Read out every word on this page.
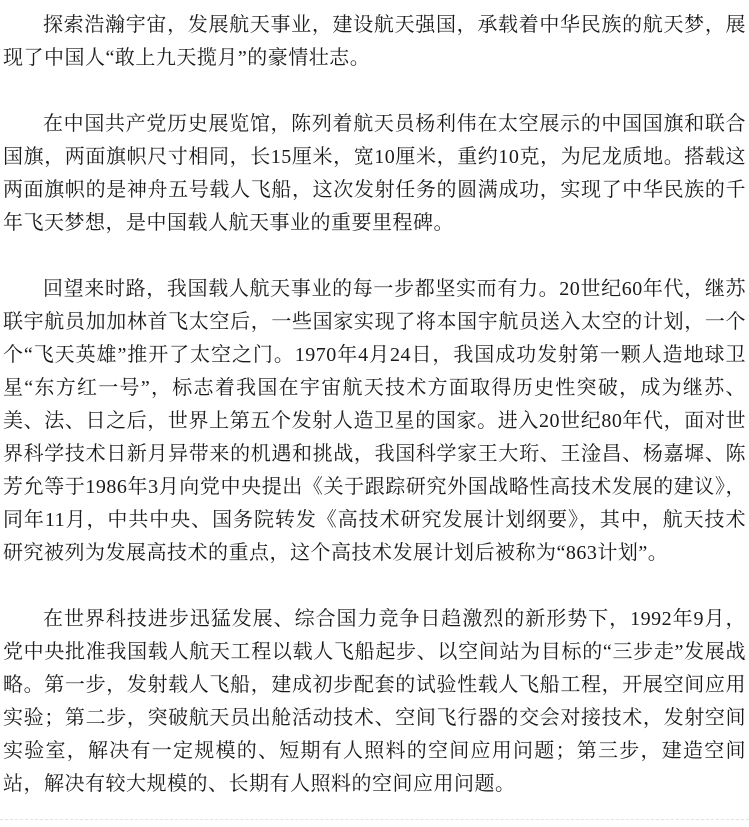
探索浩瀚宇宙，发展航天事业，建设航天强国，承载着中华民族的航天梦，展现了中国人“敢上九天揽月”的豪情壮志。

在中国共产党历史展览馆，陈列着航天员杨利伟在太空展示的中国国旗和联合国旗，两面旗帜尺寸相同，长15厘米，宽10厘米，重约10克，为尼龙质地。搭载这两面旗帜的是神舟五号载人飞船，这次发射任务的圆满成功，实现了中华民族的千年飞天梦想，是中国载人航天事业的重要里程碑。

回望来时路，我国载人航天事业的每一步都坚实而有力。20世纪60年代，继苏联宇航员加加林首飞太空后，一些国家实现了将本国宇航员送入太空的计划，一个个“飞天英雄”推开了太空之门。1970年4月24日，我国成功发射第一颗人造地球卫星“东方红一号”，标志着我国在宇宙航天技术方面取得历史性突破，成为继苏、美、法、日之后，世界上第五个发射人造卫星的国家。进入20世纪80年代，面对世界科学技术日新月异带来的机遇和挑战，我国科学家王大珩、王淦昌、杨嘉墀、陈芳允等于1986年3月向党中央提出《关于跟踪研究外国战略性高技术发展的建议》，同年11月，中共中央、国务院转发《高技术研究发展计划纲要》，其中，航天技术研究被列为发展高技术的重点，这个高技术发展计划后被称为“863计划”。

在世界科技进步迅猛发展、综合国力竞争日趋激烈的新形势下，1992年9月，党中央批准我国载人航天工程以载人飞船起步、以空间站为目标的“三步走”发展战略。第一步，发射载人飞船，建成初步配套的试验性载人飞船工程，开展空间应用实验；第二步，突破航天员出舱活动技术、空间飞行器的交会对接技术，发射空间实验室，解决有一定规模的、短期有人照料的空间应用问题；第三步，建造空间站，解决有较大规模的、长期有人照料的空间应用问题。
